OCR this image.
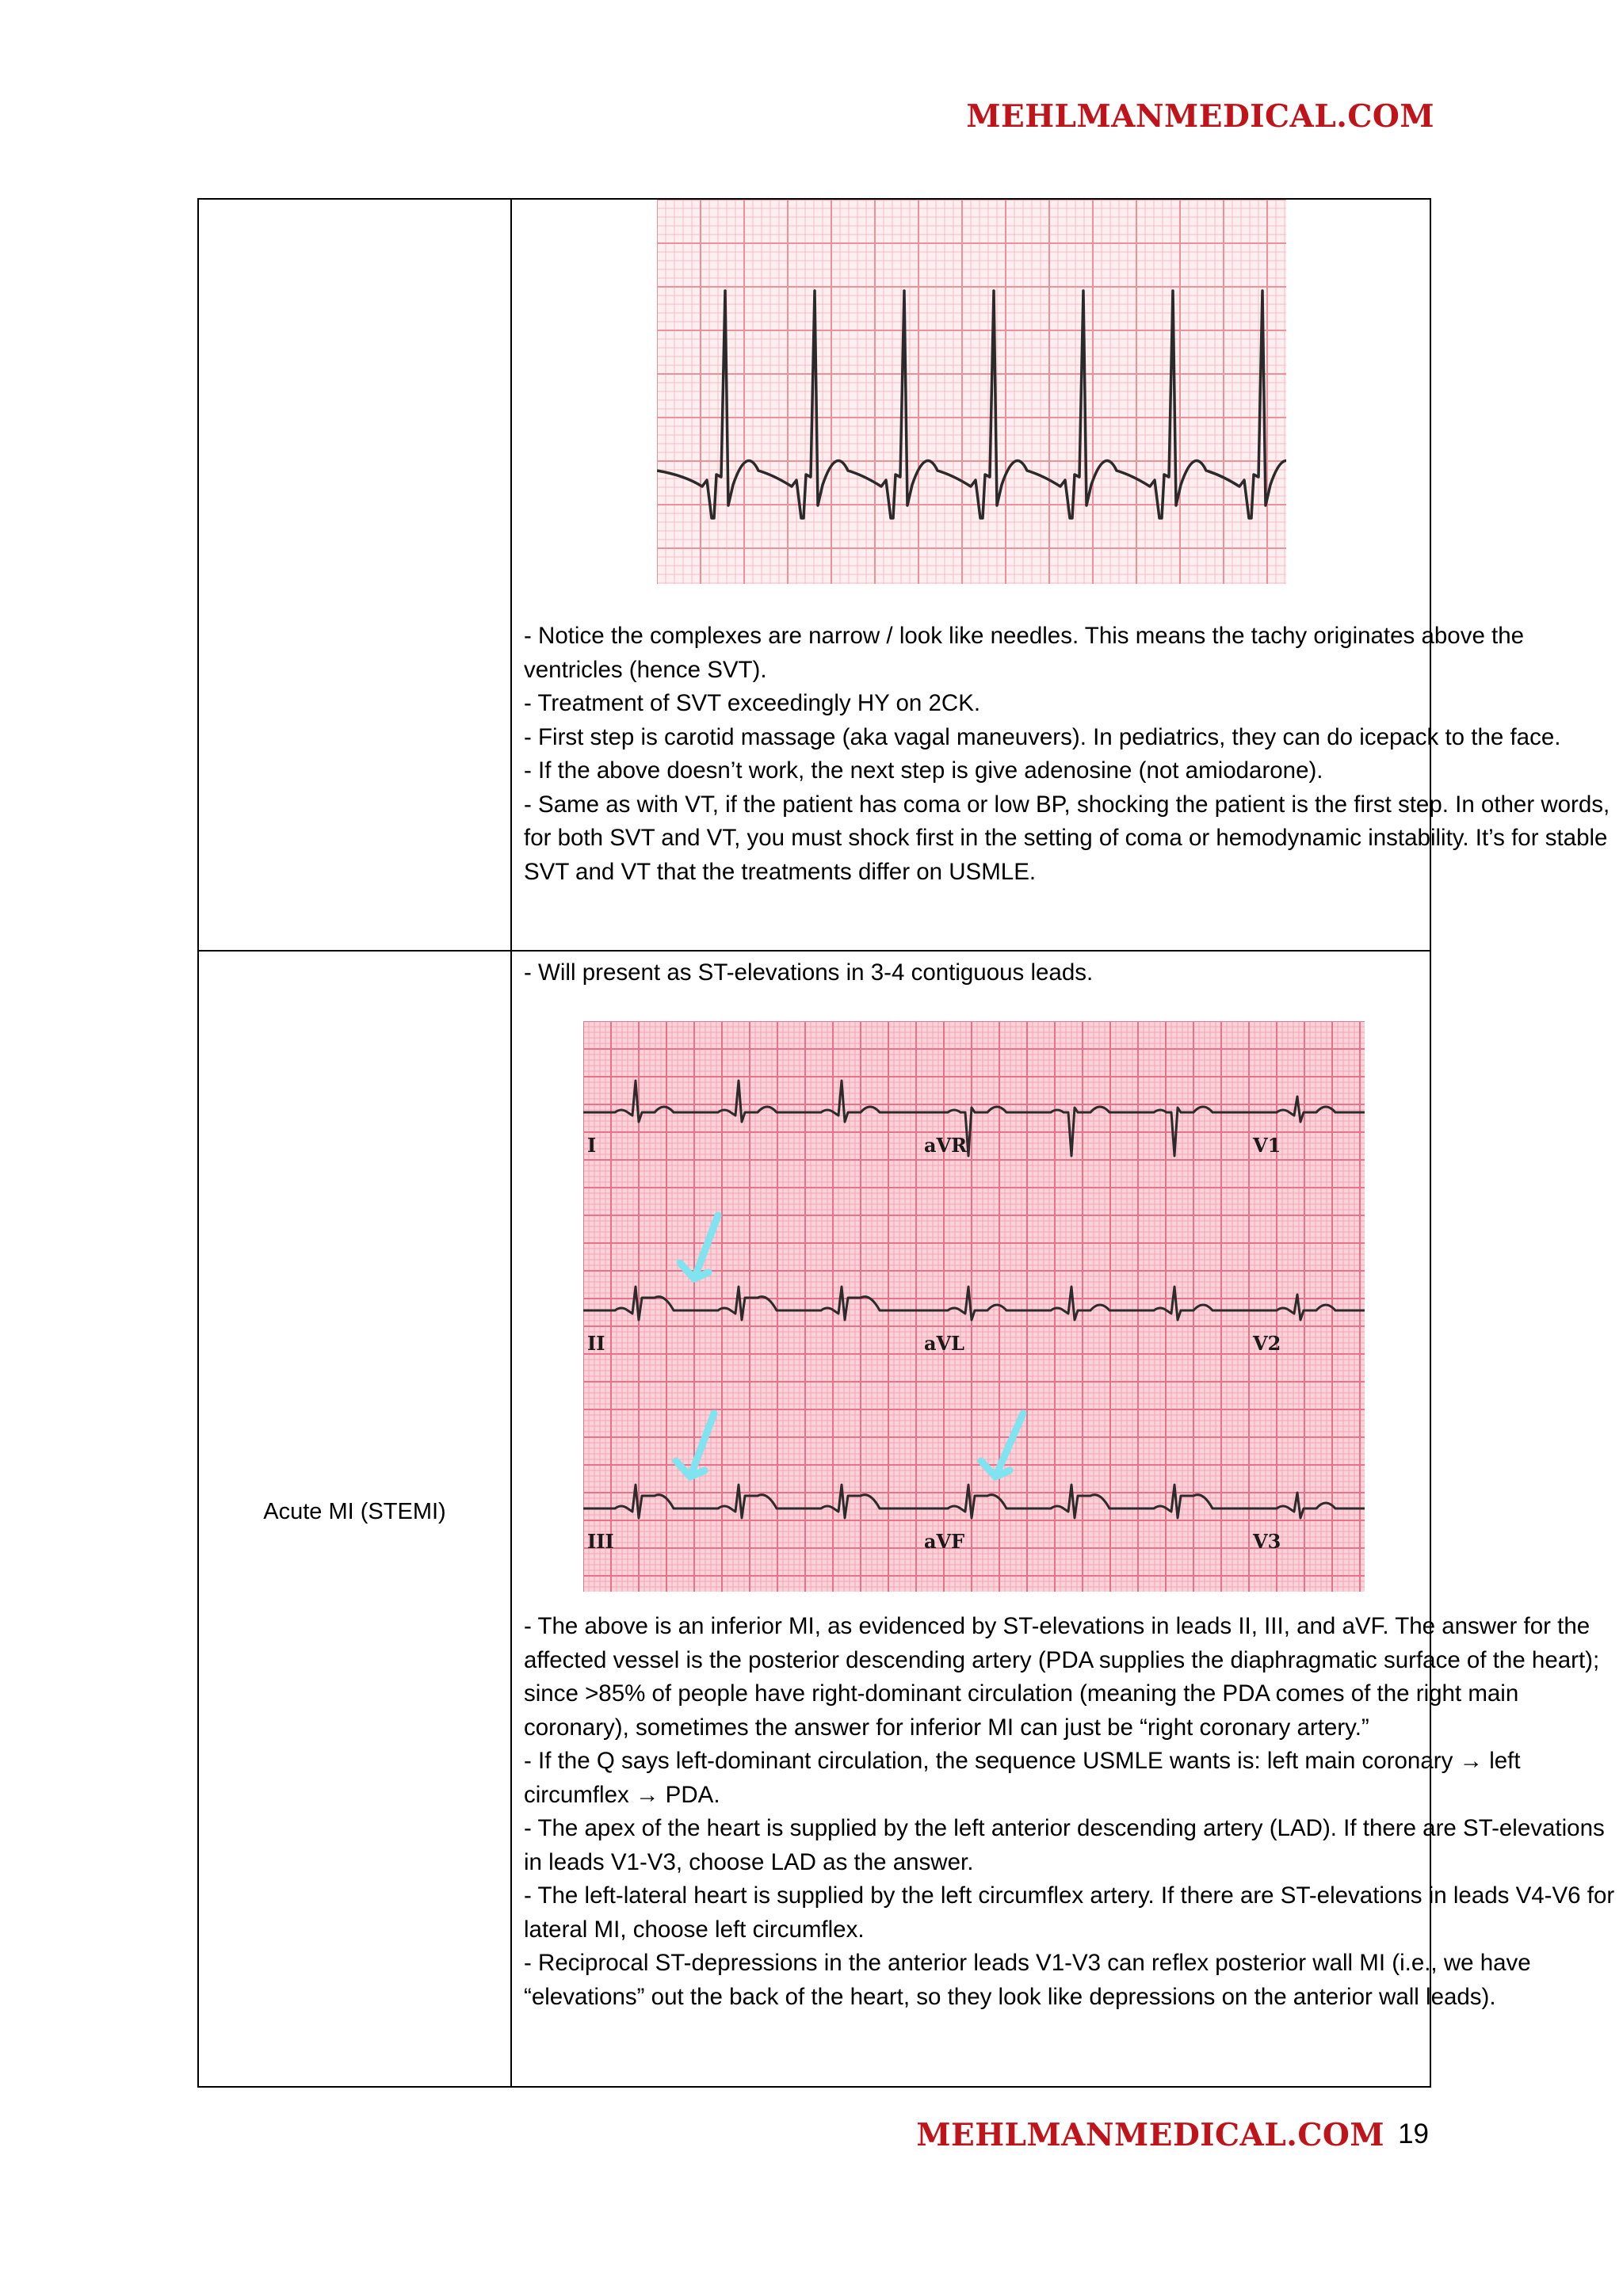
MEHLMANMEDICAL.COM

- Notice the complexes are narrow / look like needles. This means the tachy originates above the ventricles (hence SVT).

- Treatment of SVT exceedingly HY on 2CK.

- First step is carotid massage (aka vagal maneuvers). In pediatrics, they can do icepack to the face.

- If the above doesn’t work, the next step is give adenosine (not amiodarone).

- Same as with VT, if the patient has coma or low BP, shocking the patient is the first step. In other words, for both SVT and VT, you must shock first in the setting of coma or hemodynamic instability. It’s for stable SVT and VT that the treatments differ on USMLE.

Acute MI (STEMI)

- Will present as ST-elevations in 3-4 contiguous leads.

I	aVR	V1
II	aVL	V2
III	aVF	V3

- The above is an inferior MI, as evidenced by ST-elevations in leads II, III, and aVF. The answer for the affected vessel is the posterior descending artery (PDA supplies the diaphragmatic surface of the heart); since >85% of people have right-dominant circulation (meaning the PDA comes of the right main coronary), sometimes the answer for inferior MI can just be “right coronary artery.”

- If the Q says left-dominant circulation, the sequence USMLE wants is: left main coronary → left circumflex → PDA.

- The apex of the heart is supplied by the left anterior descending artery (LAD). If there are ST-elevations in leads V1-V3, choose LAD as the answer.

- The left-lateral heart is supplied by the left circumflex artery. If there are ST-elevations in leads V4-V6 for lateral MI, choose left circumflex.

- Reciprocal ST-depressions in the anterior leads V1-V3 can reflex posterior wall MI (i.e., we have “elevations” out the back of the heart, so they look like depressions on the anterior wall leads).

MEHLMANMEDICAL.COM 19
